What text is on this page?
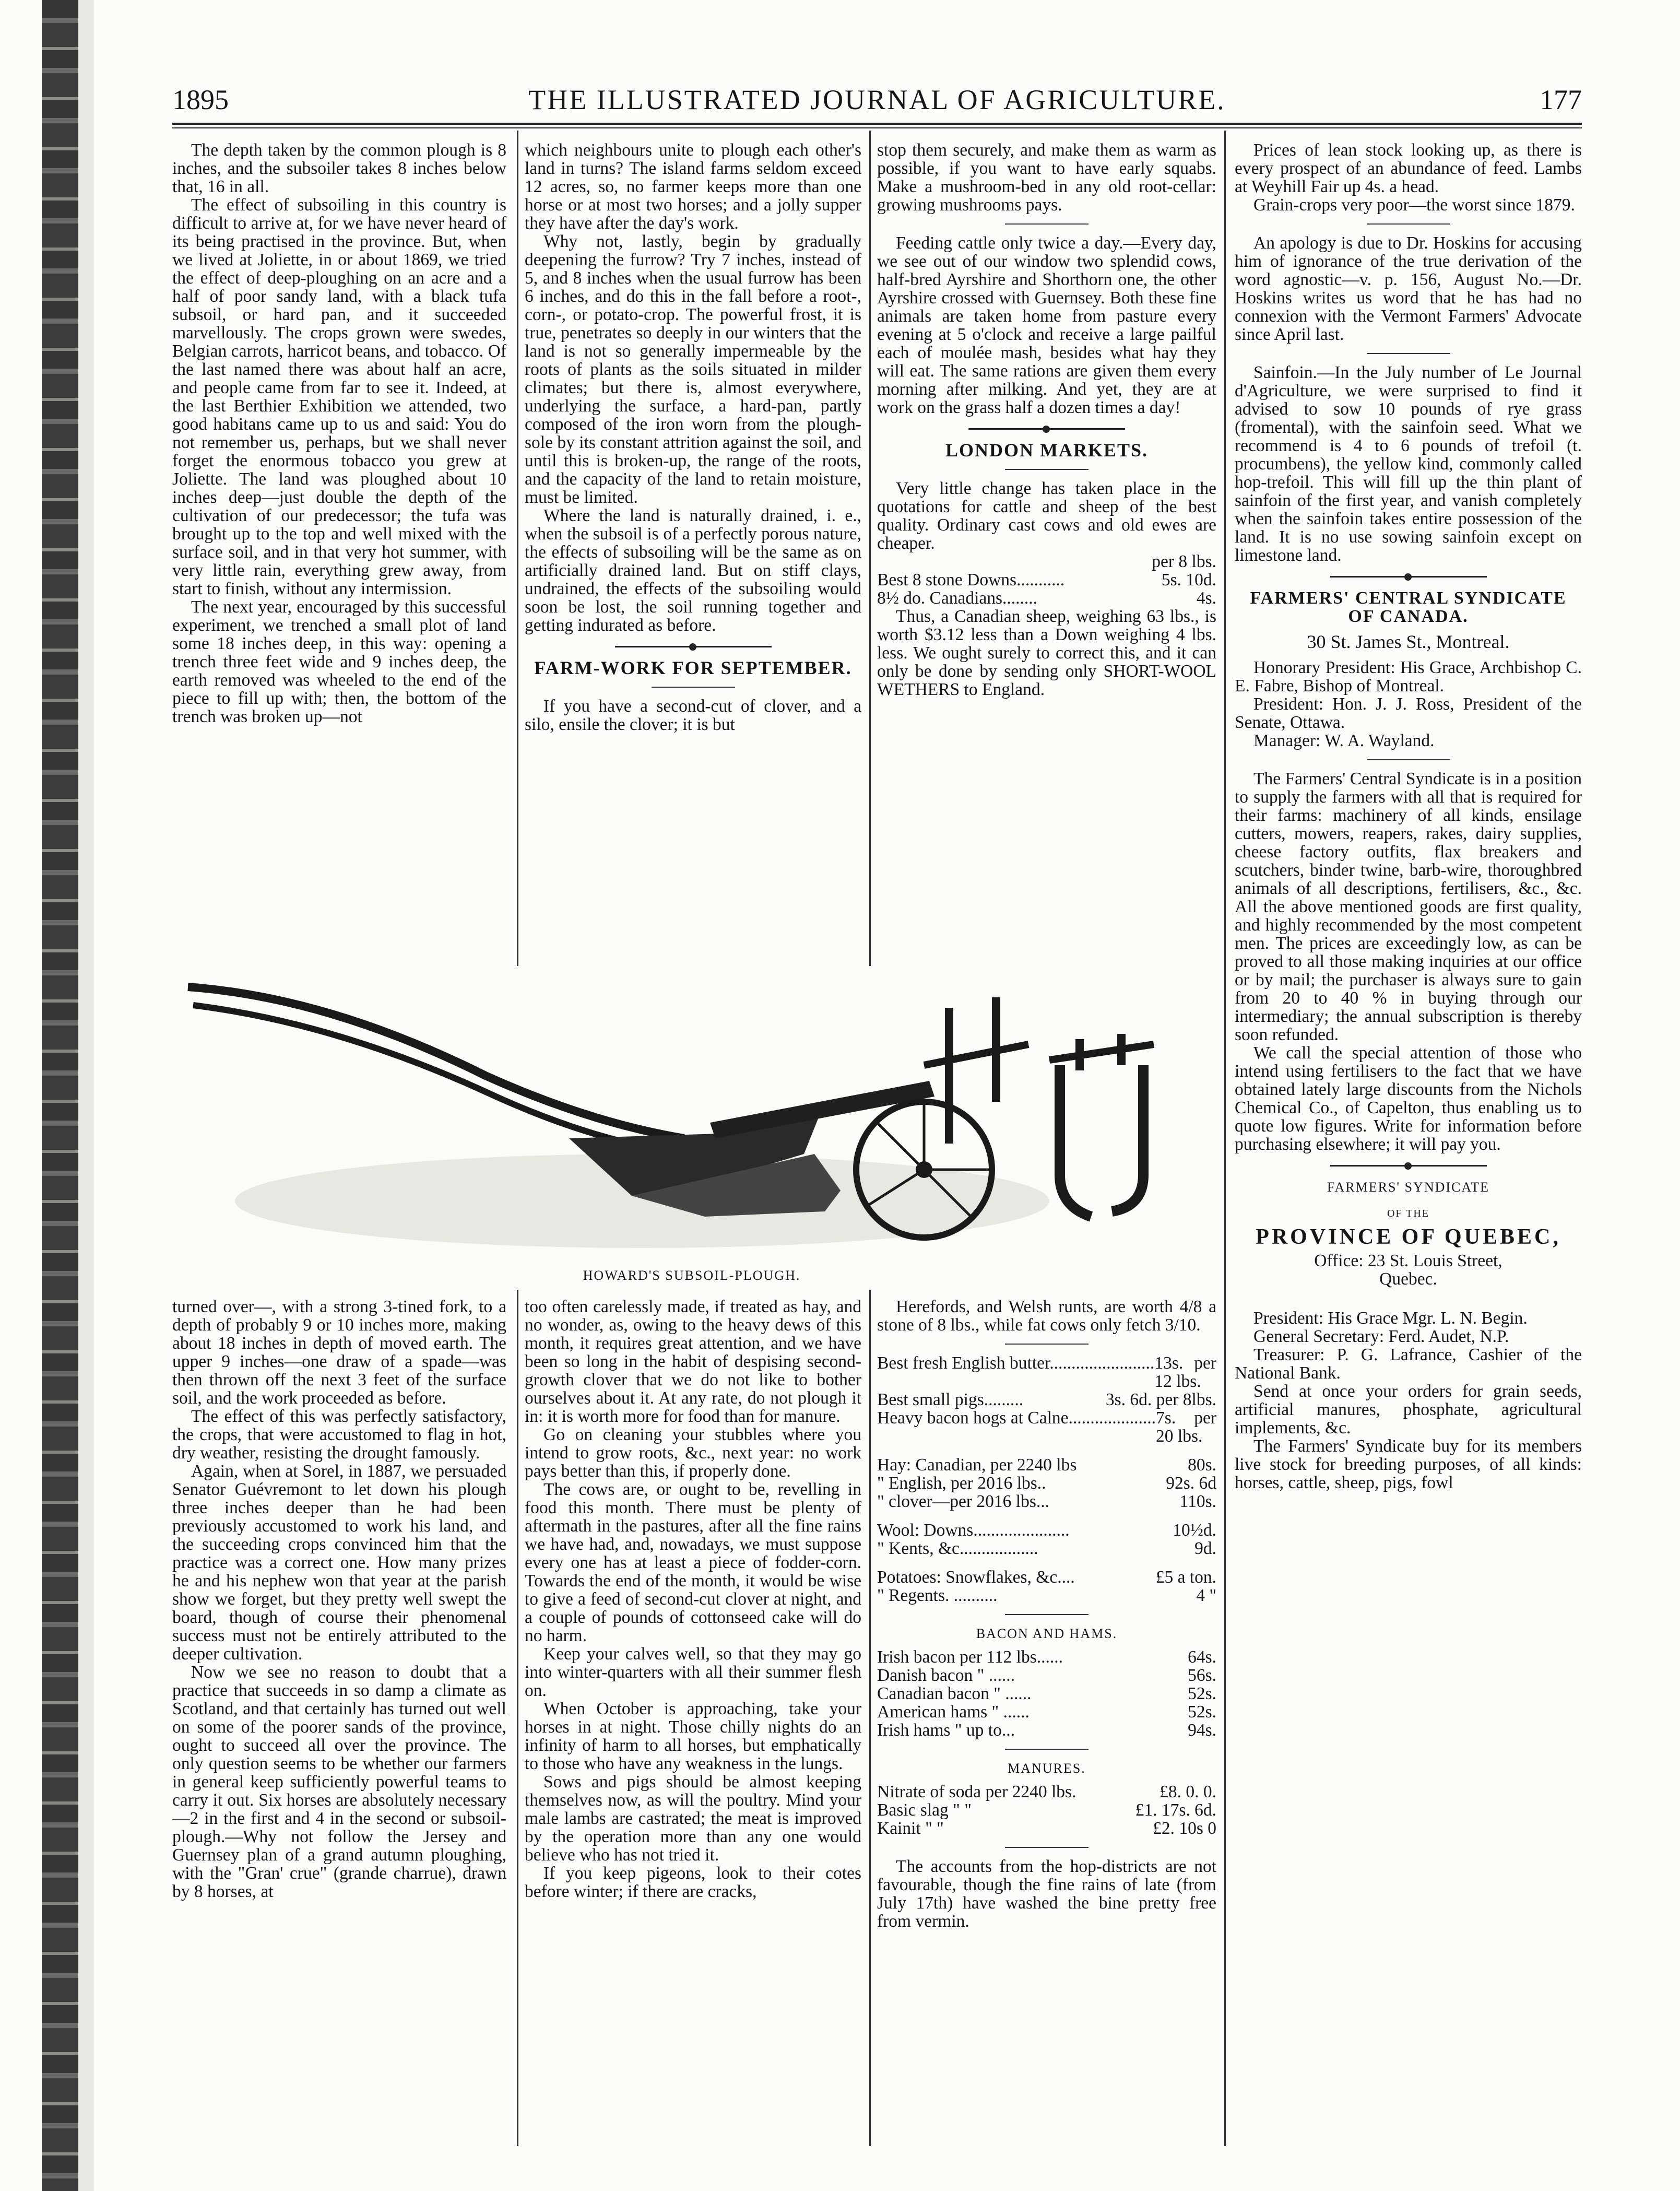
1895	THE ILLUSTRATED JOURNAL OF AGRICULTURE.	177

The depth taken by the common plough is 8 inches, and the subsoiler takes 8 inches below that, 16 in all.

The effect of subsoiling in this country is difficult to arrive at, for we have never heard of its being practised in the province. But, when we lived at Joliette, in or about 1869, we tried the effect of deep-ploughing on an acre and a half of poor sandy land, with a black tufa subsoil, or hard pan, and it succeeded marvellously. The crops grown were swedes, Belgian carrots, harricot beans, and tobacco. Of the last named there was about half an acre, and people came from far to see it. Indeed, at the last Berthier Exhibition we attended, two good habitans came up to us and said: You do not remember us, perhaps, but we shall never forget the enormous tobacco you grew at Joliette. The land was ploughed about 10 inches deep—just double the depth of the cultivation of our predecessor; the tufa was brought up to the top and well mixed with the surface soil, and in that very hot summer, with very little rain, everything grew away, from start to finish, without any intermission.

The next year, encouraged by this successful experiment, we trenched a small plot of land some 18 inches deep, in this way: opening a trench three feet wide and 9 inches deep, the earth removed was wheeled to the end of the piece to fill up with; then, the bottom of the trench was broken up—not

which neighbours unite to plough each other's land in turns? The island farms seldom exceed 12 acres, so, no farmer keeps more than one horse or at most two horses; and a jolly supper they have after the day's work.

Why not, lastly, begin by gradually deepening the furrow? Try 7 inches, instead of 5, and 8 inches when the usual furrow has been 6 inches, and do this in the fall before a root-, corn-, or potato-crop. The powerful frost, it is true, penetrates so deeply in our winters that the land is not so generally impermeable by the roots of plants as the soils situated in milder climates; but there is, almost everywhere, underlying the surface, a hard-pan, partly composed of the iron worn from the plough-sole by its constant attrition against the soil, and until this is broken-up, the range of the roots, and the capacity of the land to retain moisture, must be limited.

Where the land is naturally drained, i. e., when the subsoil is of a perfectly porous nature, the effects of subsoiling will be the same as on artificially drained land. But on stiff clays, undrained, the effects of the subsoiling would soon be lost, the soil running together and getting indurated as before.

FARM-WORK FOR SEPTEMBER.

If you have a second-cut of clover, and a silo, ensile the clover; it is but

stop them securely, and make them as warm as possible, if you want to have early squabs. Make a mushroom-bed in any old root-cellar: growing mushrooms pays.

Feeding cattle only twice a day.—Every day, we see out of our window two splendid cows, half-bred Ayrshire and Shorthorn one, the other Ayrshire crossed with Guernsey. Both these fine animals are taken home from pasture every evening at 5 o'clock and receive a large pailful each of moulée mash, besides what hay they will eat. The same rations are given them every morning after milking. And yet, they are at work on the grass half a dozen times a day!

LONDON MARKETS.

Very little change has taken place in the quotations for cattle and sheep of the best quality. Ordinary cast cows and old ewes are cheaper.

per 8 lbs.

Best 8 stone Downs...........	5s. 10d.
8½ do. Canadians........	4s.

Thus, a Canadian sheep, weighing 63 lbs., is worth $3.12 less than a Down weighing 4 lbs. less. We ought surely to correct this, and it can only be done by sending only SHORT-WOOL WETHERS to England.

Prices of lean stock looking up, as there is every prospect of an abundance of feed. Lambs at Weyhill Fair up 4s. a head.

Grain-crops very poor—the worst since 1879.

An apology is due to Dr. Hoskins for accusing him of ignorance of the true derivation of the word agnostic—v. p. 156, August No.—Dr. Hoskins writes us word that he has had no connexion with the Vermont Farmers' Advocate since April last.

Sainfoin.—In the July number of Le Journal d'Agriculture, we were surprised to find it advised to sow 10 pounds of rye grass (fromental), with the sainfoin seed. What we recommend is 4 to 6 pounds of trefoil (t. procumbens), the yellow kind, commonly called hop-trefoil. This will fill up the thin plant of sainfoin of the first year, and vanish completely when the sainfoin takes entire possession of the land. It is no use sowing sainfoin except on limestone land.

FARMERS' CENTRAL SYNDICATE OF CANADA.

30 St. James St., Montreal.

Honorary President: His Grace, Archbishop C. E. Fabre, Bishop of Montreal.

President: Hon. J. J. Ross, President of the Senate, Ottawa.

Manager: W. A. Wayland.

The Farmers' Central Syndicate is in a position to supply the farmers with all that is required for their farms: machinery of all kinds, ensilage cutters, mowers, reapers, rakes, dairy supplies, cheese factory outfits, flax breakers and scutchers, binder twine, barb-wire, thoroughbred animals of all descriptions, fertilisers, &c., &c. All the above mentioned goods are first quality, and highly recommended by the most competent men. The prices are exceedingly low, as can be proved to all those making inquiries at our office or by mail; the purchaser is always sure to gain from 20 to 40 % in buying through our intermediary; the annual subscription is thereby soon refunded.

We call the special attention of those who intend using fertilisers to the fact that we have obtained lately large discounts from the Nichols Chemical Co., of Capelton, thus enabling us to quote low figures. Write for information before purchasing elsewhere; it will pay you.

FARMERS' SYNDICATE
OF THE
PROVINCE OF QUEBEC,

Office: 23 St. Louis Street,

Quebec.

President: His Grace Mgr. L. N. Begin.

General Secretary: Ferd. Audet, N.P.

Treasurer: P. G. Lafrance, Cashier of the National Bank.

Send at once your orders for grain seeds, artificial manures, phosphate, agricultural implements, &c.

The Farmers' Syndicate buy for its members live stock for breeding purposes, of all kinds: horses, cattle, sheep, pigs, fowl

HOWARD'S SUBSOIL-PLOUGH.

turned over—, with a strong 3-tined fork, to a depth of probably 9 or 10 inches more, making about 18 inches in depth of moved earth. The upper 9 inches—one draw of a spade—was then thrown off the next 3 feet of the surface soil, and the work proceeded as before.

The effect of this was perfectly satisfactory, the crops, that were accustomed to flag in hot, dry weather, resisting the drought famously.

Again, when at Sorel, in 1887, we persuaded Senator Guévremont to let down his plough three inches deeper than he had been previously accustomed to work his land, and the succeeding crops convinced him that the practice was a correct one. How many prizes he and his nephew won that year at the parish show we forget, but they pretty well swept the board, though of course their phenomenal success must not be entirely attributed to the deeper cultivation.

Now we see no reason to doubt that a practice that succeeds in so damp a climate as Scotland, and that certainly has turned out well on some of the poorer sands of the province, ought to succeed all over the province. The only question seems to be whether our farmers in general keep sufficiently powerful teams to carry it out. Six horses are absolutely necessary—2 in the first and 4 in the second or subsoil-plough.—Why not follow the Jersey and Guernsey plan of a grand autumn ploughing, with the "Gran' crue" (grande charrue), drawn by 8 horses, at

too often carelessly made, if treated as hay, and no wonder, as, owing to the heavy dews of this month, it requires great attention, and we have been so long in the habit of despising second-growth clover that we do not like to bother ourselves about it. At any rate, do not plough it in: it is worth more for food than for manure.

Go on cleaning your stubbles where you intend to grow roots, &c., next year: no work pays better than this, if properly done.

The cows are, or ought to be, revelling in food this month. There must be plenty of aftermath in the pastures, after all the fine rains we have had, and, nowadays, we must suppose every one has at least a piece of fodder-corn. Towards the end of the month, it would be wise to give a feed of second-cut clover at night, and a couple of pounds of cottonseed cake will do no harm.

Keep your calves well, so that they may go into winter-quarters with all their summer flesh on.

When October is approaching, take your horses in at night. Those chilly nights do an infinity of harm to all horses, but emphatically to those who have any weakness in the lungs.

Sows and pigs should be almost keeping themselves now, as will the poultry. Mind your male lambs are castrated; the meat is improved by the operation more than any one would believe who has not tried it.

If you keep pigeons, look to their cotes before winter; if there are cracks,

Herefords, and Welsh runts, are worth 4/8 a stone of 8 lbs., while fat cows only fetch 3/10.

Best fresh English butter........................ 13s. per 12 lbs.
Best small pigs.........	3s. 6d. per 8lbs.
Heavy bacon hogs at Calne.................... 7s. per 20 lbs.
Hay: Canadian, per 2240 lbs	80s.
" English, per 2016 lbs..	92s. 6d
" clover—per 2016 lbs...	110s.
Wool: Downs......................	10½d.
" Kents, &c..................	9d.
Potatoes: Snowflakes, &c....	£5 a ton.
" Regents. ..........	4 "
BACON AND HAMS.
Irish bacon per 112 lbs......	64s.
Danish bacon " ......	56s.
Canadian bacon " ......	52s.
American hams " ......	52s.
Irish hams " up to...	94s.
MANURES.
Nitrate of soda per 2240 lbs.	£8. 0. 0.
Basic slag " "	£1. 17s. 6d.
Kainit " "	£2. 10s 0

The accounts from the hop-districts are not favourable, though the fine rains of late (from July 17th) have washed the bine pretty free from vermin.
